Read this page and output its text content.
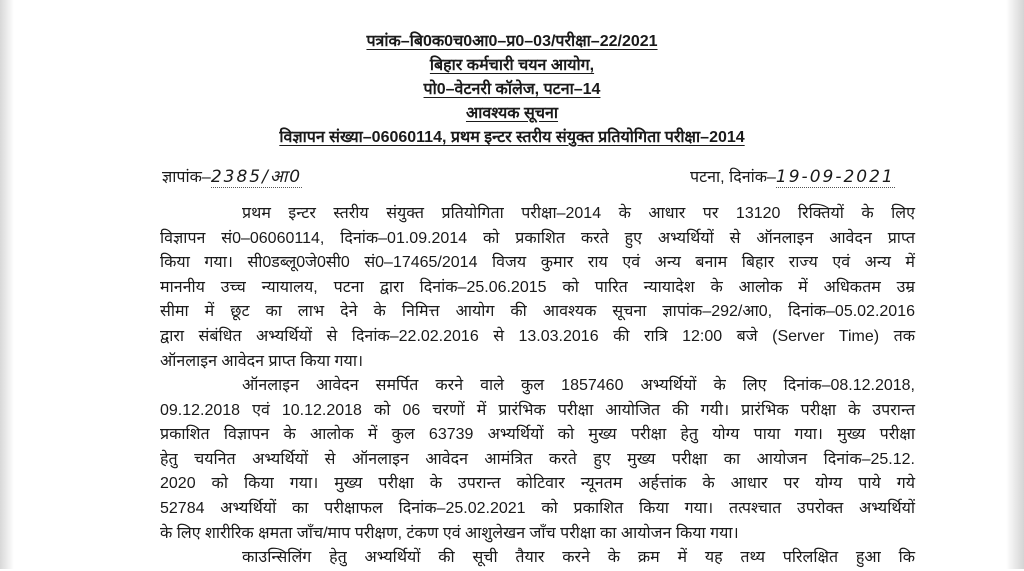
पत्रांक–बि0क0च0आ0–प्र0–03/परीक्षा–22/2021
बिहार कर्मचारी चयन आयोग,
पो0–वेटनरी कॉलेज, पटना–14
आवश्यक सूचना
विज्ञापन संख्या–06060114, प्रथम इन्टर स्तरीय संयुक्त प्रतियोगिता परीक्षा–2014
ज्ञापांक–2385/आ0	पटना, दिनांक–19-09-2021
प्रथम इन्टर स्तरीय संयुक्त प्रतियोगिता परीक्षा–2014 के आधार पर 13120 रिक्तियों के लिए
विज्ञापन सं0–06060114, दिनांक–01.09.2014 को प्रकाशित करते हुए अभ्यर्थियों से ऑनलाइन आवेदन प्राप्त
किया गया। सी0डब्लू0जे0सी0 सं0–17465/2014 विजय कुमार राय एवं अन्य बनाम बिहार राज्य एवं अन्य में
माननीय उच्च न्यायालय, पटना द्वारा दिनांक–25.06.2015 को पारित न्यायादेश के आलोक में अधिकतम उम्र
सीमा में छूट का लाभ देने के निमित्त आयोग की आवश्यक सूचना ज्ञापांक–292/आ0, दिनांक–05.02.2016
द्वारा संबंधित अभ्यर्थियों से दिनांक–22.02.2016 से 13.03.2016 की रात्रि 12:00 बजे (Server Time) तक
ऑनलाइन आवेदन प्राप्त किया गया।
ऑनलाइन आवेदन समर्पित करने वाले कुल 1857460 अभ्यर्थियों के लिए दिनांक–08.12.2018,
09.12.2018 एवं 10.12.2018 को 06 चरणों में प्रारंभिक परीक्षा आयोजित की गयी। प्रारंभिक परीक्षा के उपरान्त
प्रकाशित विज्ञापन के आलोक में कुल 63739 अभ्यर्थियों को मुख्य परीक्षा हेतु योग्य पाया गया। मुख्य परीक्षा
हेतु चयनित अभ्यर्थियों से ऑनलाइन आवेदन आमंत्रित करते हुए मुख्य परीक्षा का आयोजन दिनांक–25.12.
2020 को किया गया। मुख्य परीक्षा के उपरान्त कोटिवार न्यूनतम अर्हत्तांक के आधार पर योग्य पाये गये
52784 अभ्यर्थियों का परीक्षाफल दिनांक–25.02.2021 को प्रकाशित किया गया। तत्पश्चात उपरोक्त अभ्यर्थियों
के लिए शारीरिक क्षमता जाँच/माप परीक्षण, टंकण एवं आशुलेखन जाँच परीक्षा का आयोजन किया गया।
काउन्सिलिंग हेतु अभ्यर्थियों की सूची तैयार करने के क्रम में यह तथ्य परिलक्षित हुआ कि
